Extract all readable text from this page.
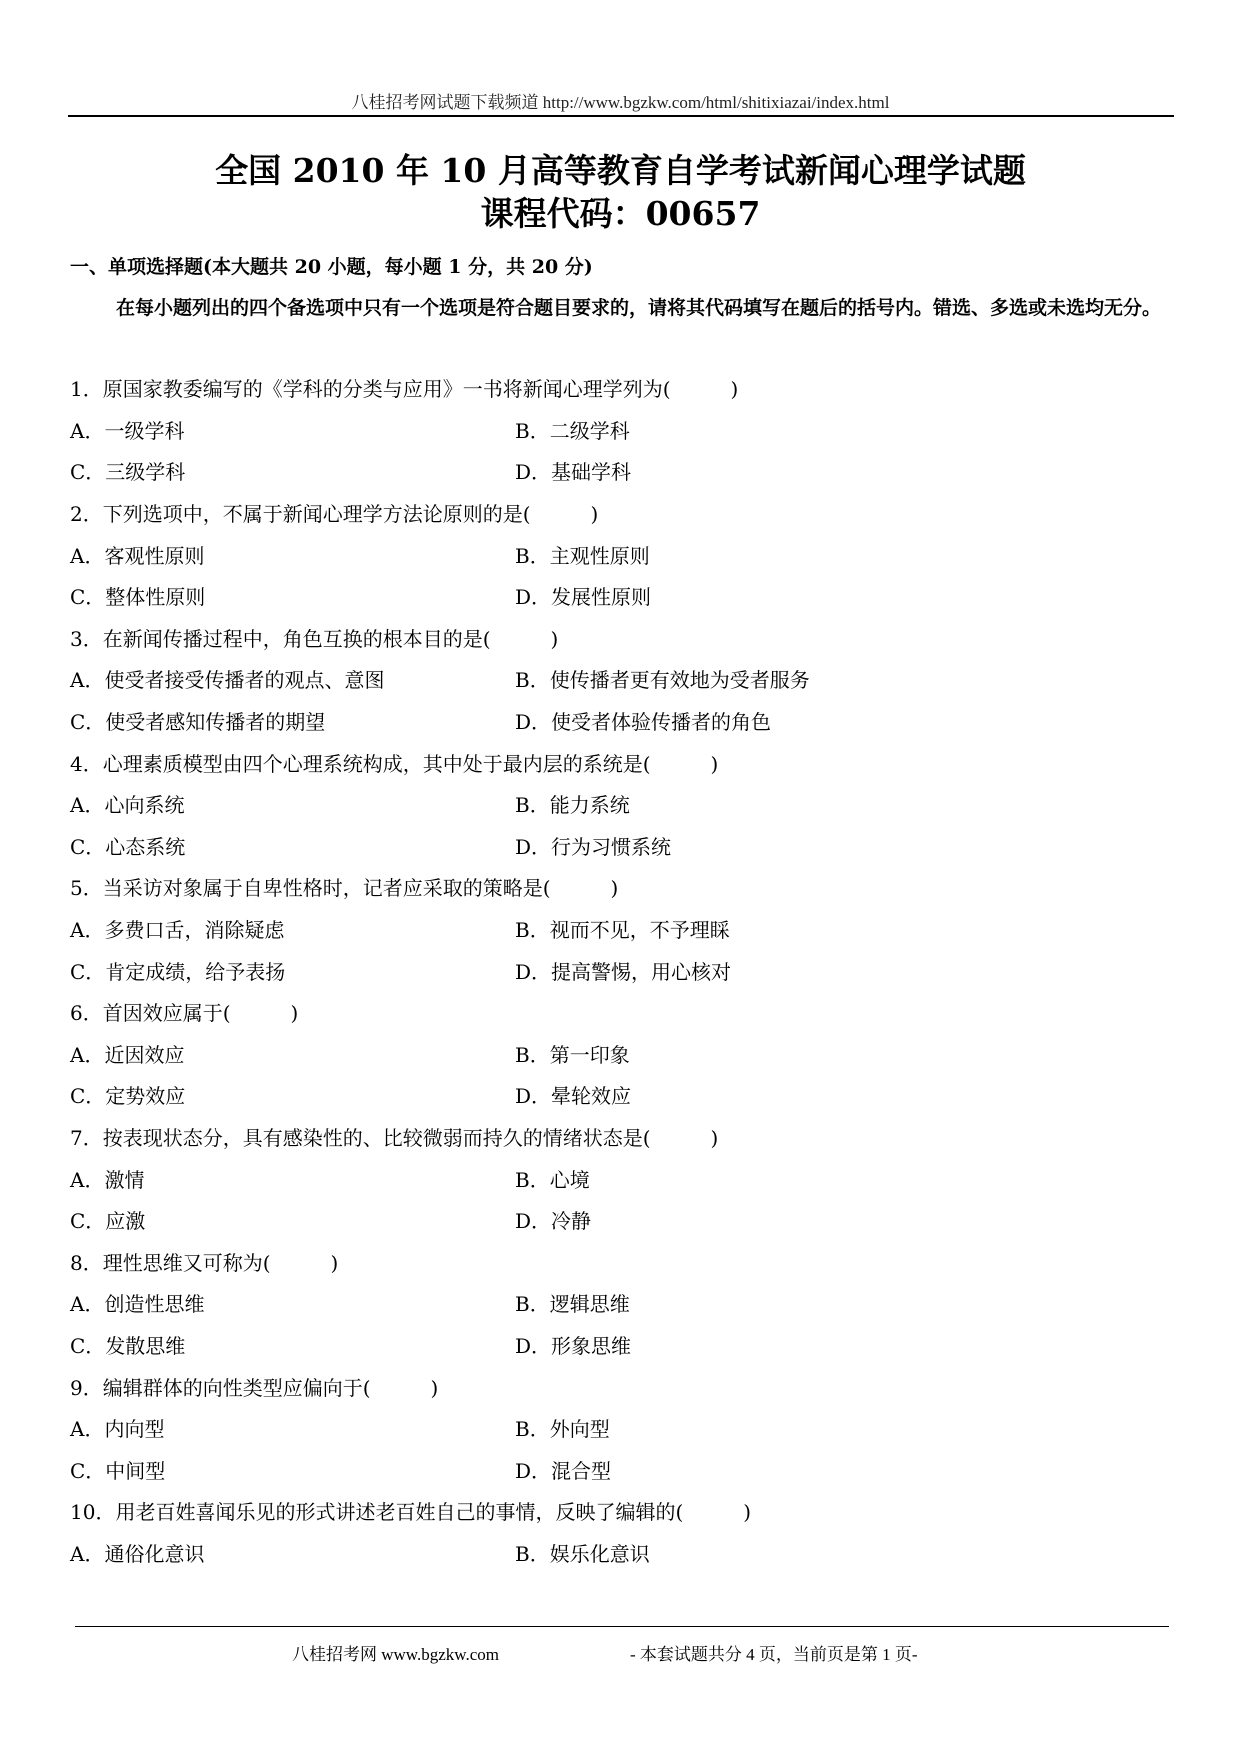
八桂招考网试题下载频道 http://www.bgzkw.com/html/shitixiazai/index.html
全国 2010 年 10 月高等教育自学考试新闻心理学试题
课程代码：00657
一、单项选择题(本大题共 20 小题，每小题 1 分，共 20 分)
在每小题列出的四个备选项中只有一个选项是符合题目要求的，请将其代码填写在题后的括号内。错选、多选或未选均无分。
1．原国家教委编写的《学科的分类与应用》一书将新闻心理学列为(　　　)
A．一级学科	B．二级学科
C．三级学科	D．基础学科
2．下列选项中，不属于新闻心理学方法论原则的是(　　　)
A．客观性原则	B．主观性原则
C．整体性原则	D．发展性原则
3．在新闻传播过程中，角色互换的根本目的是(　　　)
A．使受者接受传播者的观点、意图	B．使传播者更有效地为受者服务
C．使受者感知传播者的期望	D．使受者体验传播者的角色
4．心理素质模型由四个心理系统构成，其中处于最内层的系统是(　　　)
A．心向系统	B．能力系统
C．心态系统	D．行为习惯系统
5．当采访对象属于自卑性格时，记者应采取的策略是(　　　)
A．多费口舌，消除疑虑	B．视而不见，不予理睬
C．肯定成绩，给予表扬	D．提高警惕，用心核对
6．首因效应属于(　　　)
A．近因效应	B．第一印象
C．定势效应	D．晕轮效应
7．按表现状态分，具有感染性的、比较微弱而持久的情绪状态是(　　　)
A．激情	B．心境
C．应激	D．冷静
8．理性思维又可称为(　　　)
A．创造性思维	B．逻辑思维
C．发散思维	D．形象思维
9．编辑群体的向性类型应偏向于(　　　)
A．内向型	B．外向型
C．中间型	D．混合型
10．用老百姓喜闻乐见的形式讲述老百姓自己的事情，反映了编辑的(　　　)
A．通俗化意识	B．娱乐化意识
八桂招考网 www.bgzkw.com	- 本套试题共分 4 页，当前页是第 1 页-
